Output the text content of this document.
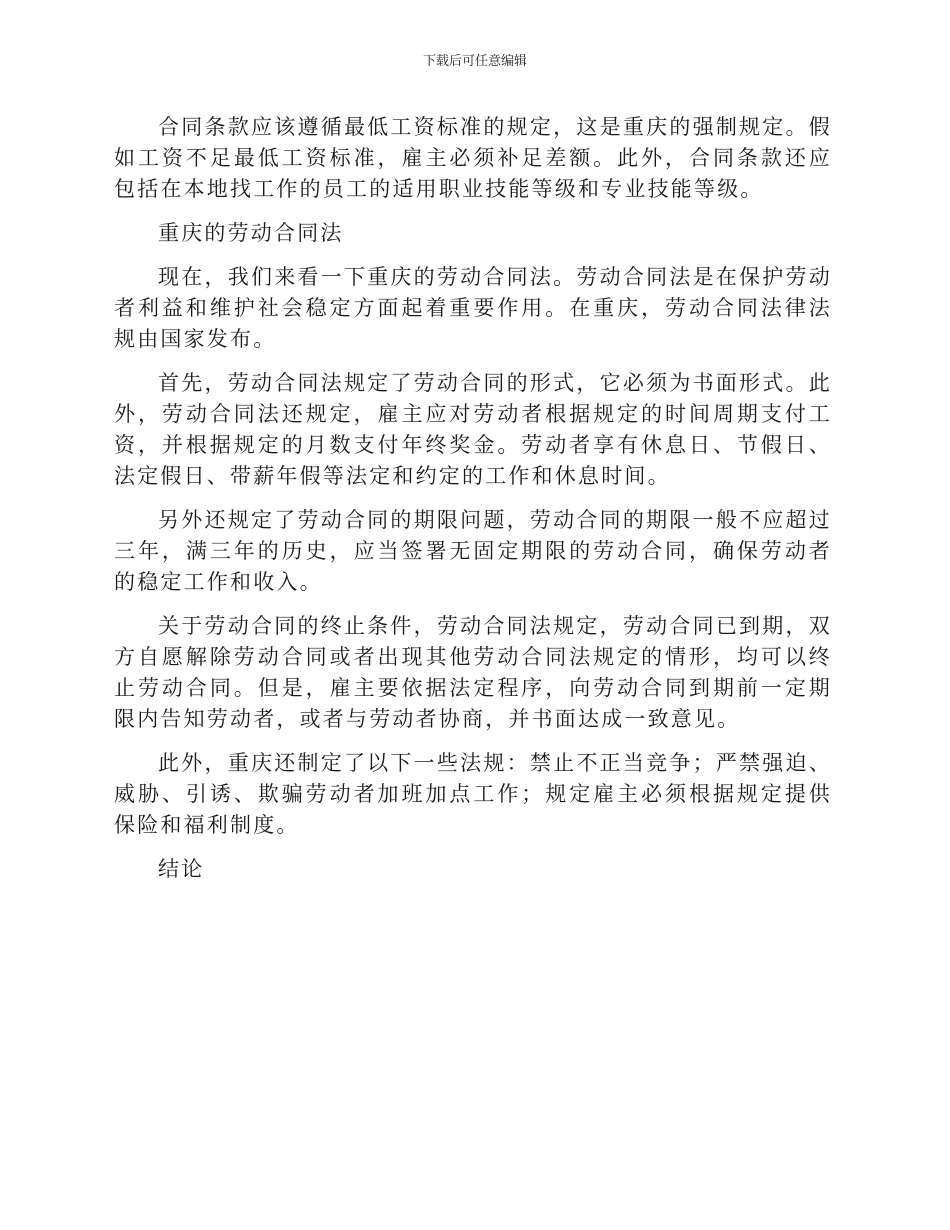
下载后可任意编辑

合同条款应该遵循最低工资标准的规定，这是重庆的强制规定。假如工资不足最低工资标准，雇主必须补足差额。此外，合同条款还应包括在本地找工作的员工的适用职业技能等级和专业技能等级。

重庆的劳动合同法

现在，我们来看一下重庆的劳动合同法。劳动合同法是在保护劳动者利益和维护社会稳定方面起着重要作用。在重庆，劳动合同法律法规由国家发布。

首先，劳动合同法规定了劳动合同的形式，它必须为书面形式。此外，劳动合同法还规定，雇主应对劳动者根据规定的时间周期支付工资，并根据规定的月数支付年终奖金。劳动者享有休息日、节假日、法定假日、带薪年假等法定和约定的工作和休息时间。

另外还规定了劳动合同的期限问题，劳动合同的期限一般不应超过三年，满三年的历史，应当签署无固定期限的劳动合同，确保劳动者的稳定工作和收入。

关于劳动合同的终止条件，劳动合同法规定，劳动合同已到期，双方自愿解除劳动合同或者出现其他劳动合同法规定的情形，均可以终止劳动合同。但是，雇主要依据法定程序，向劳动合同到期前一定期限内告知劳动者，或者与劳动者协商，并书面达成一致意见。

此外，重庆还制定了以下一些法规：禁止不正当竞争；严禁强迫、威胁、引诱、欺骗劳动者加班加点工作；规定雇主必须根据规定提供保险和福利制度。

结论
